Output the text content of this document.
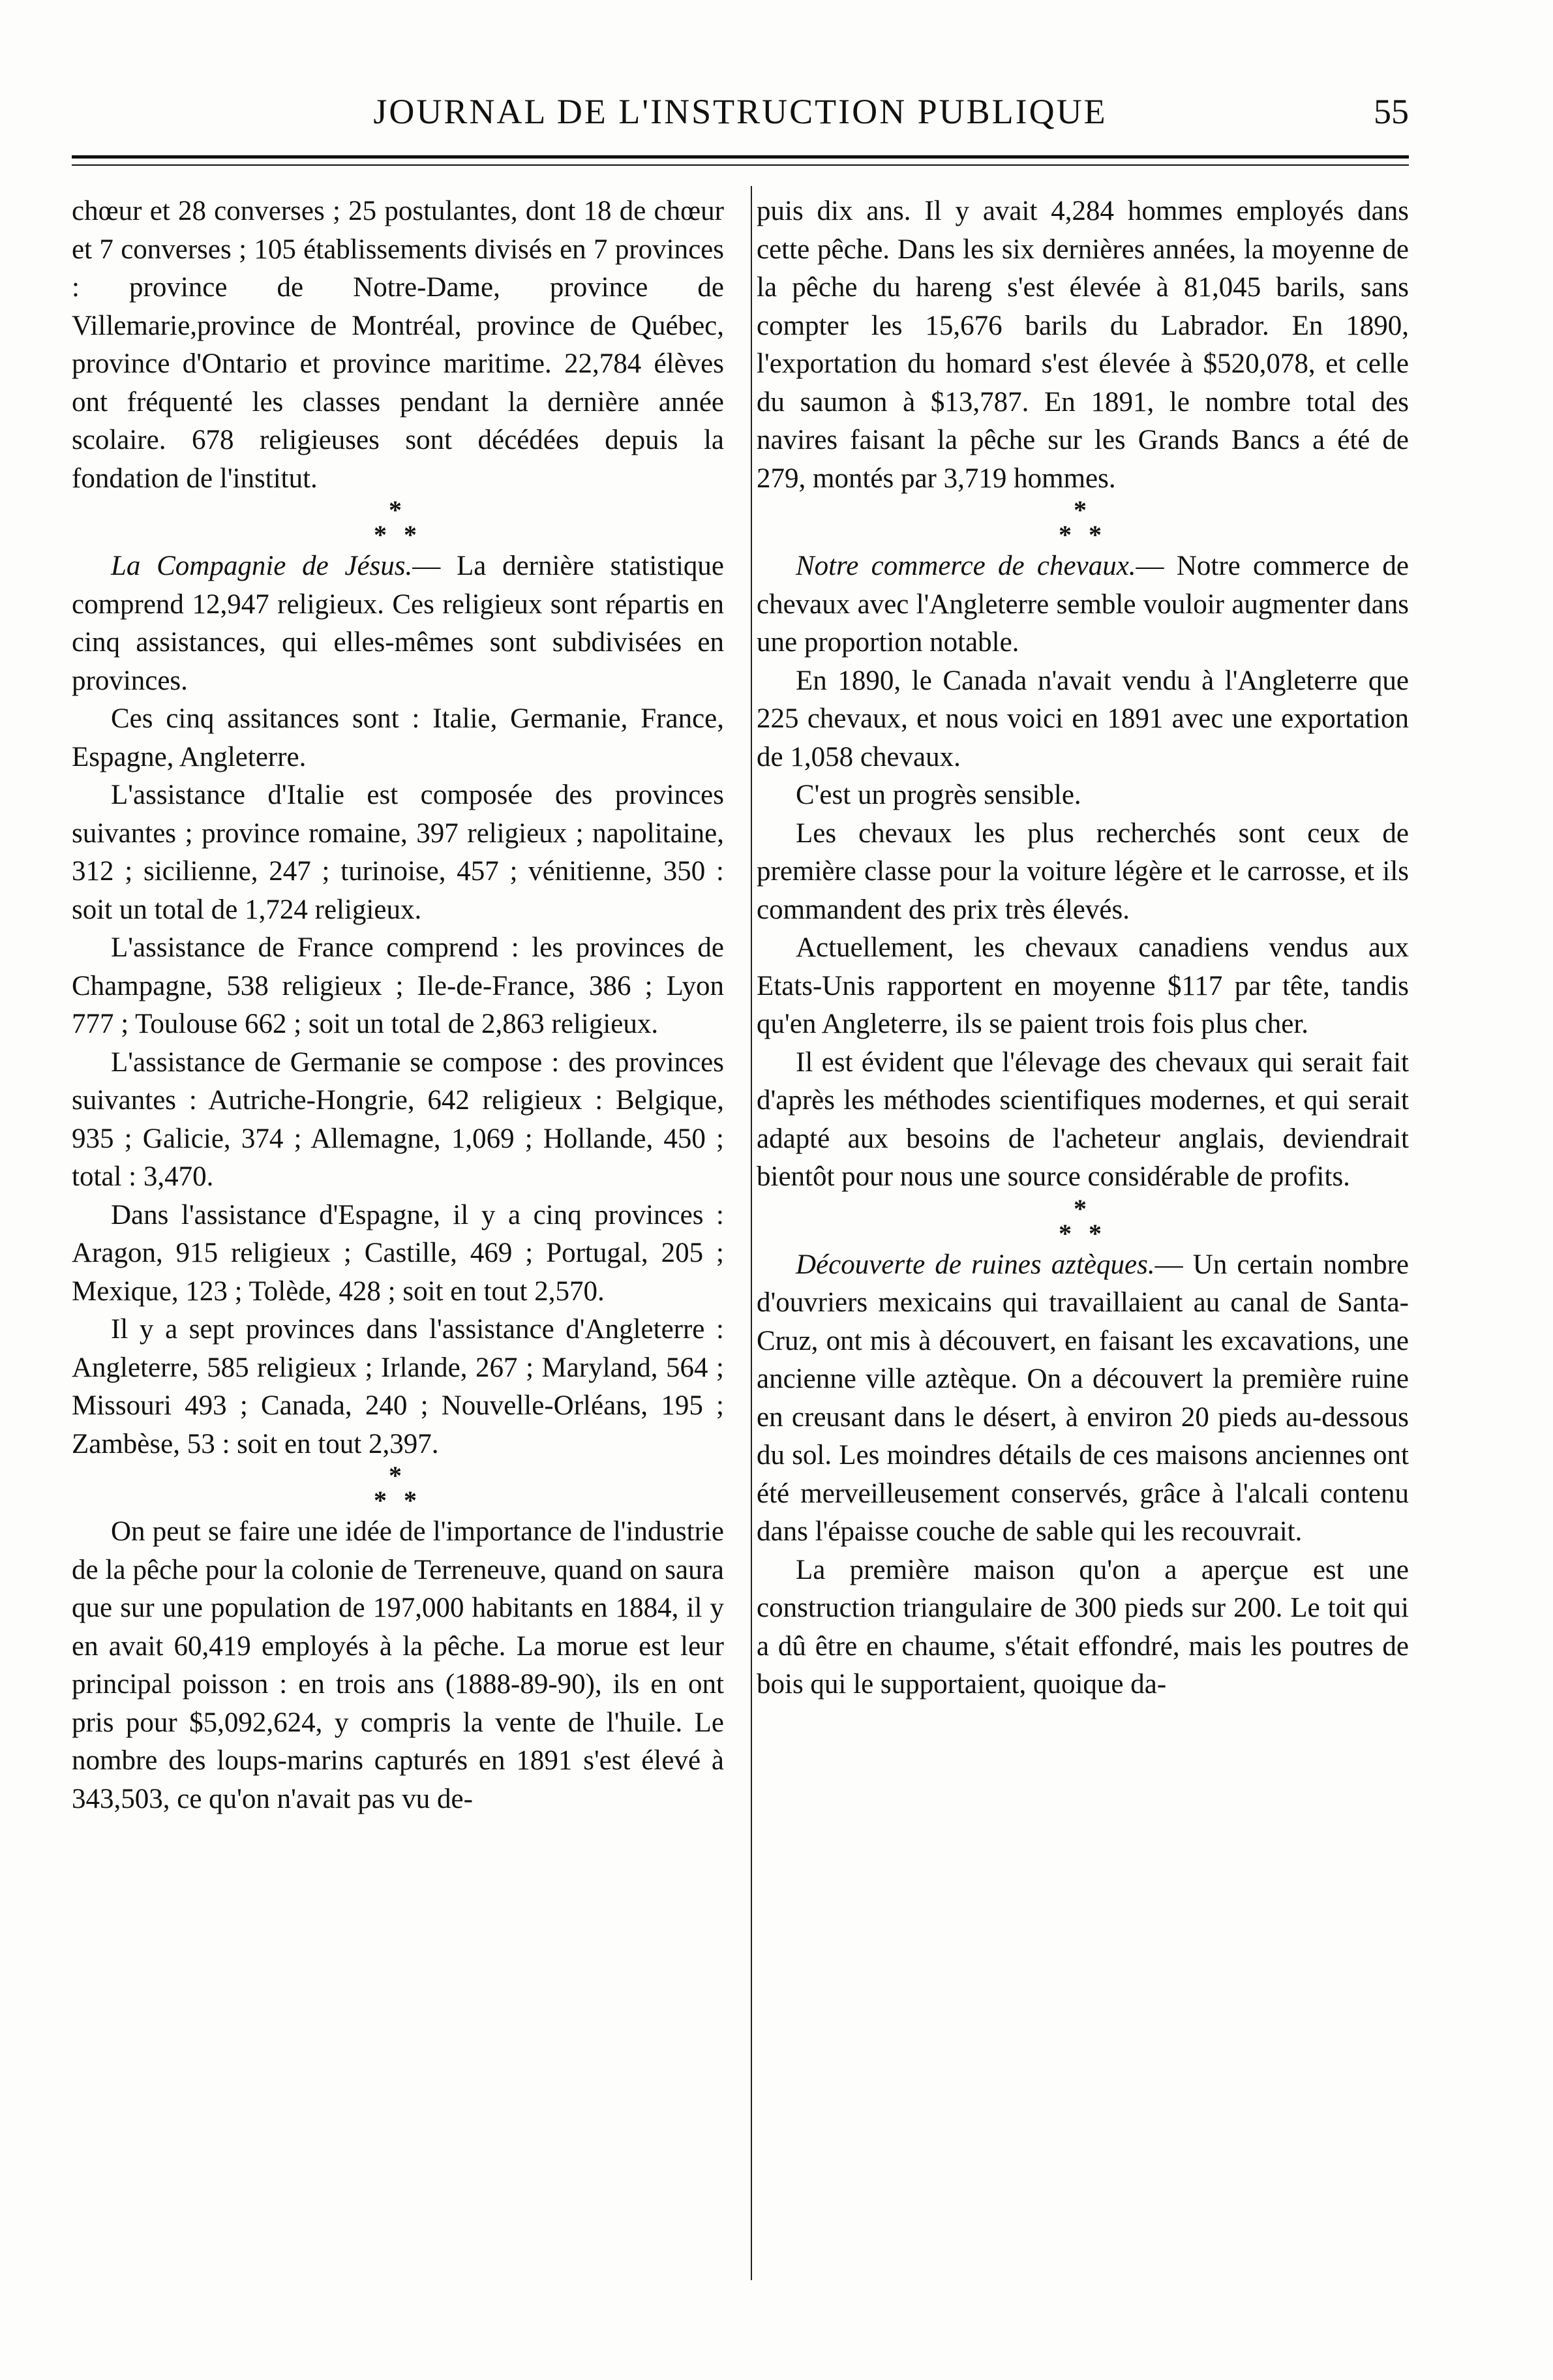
JOURNAL DE L'INSTRUCTION PUBLIQUE	55

chœur et 28 converses ; 25 postulantes, dont 18 de chœur et 7 converses ; 105 établissements divisés en 7 provinces : province de Notre-Dame, province de Villemarie,province de Montréal, province de Québec, province d'Ontario et province maritime. 22,784 élèves ont fréquenté les classes pendant la dernière année scolaire. 678 religieuses sont décédées depuis la fondation de l'institut.

*
* *

La Compagnie de Jésus.— La dernière statistique comprend 12,947 religieux. Ces religieux sont répartis en cinq assistances, qui elles-mêmes sont subdivisées en provinces.

Ces cinq assitances sont : Italie, Germanie, France, Espagne, Angleterre.

L'assistance d'Italie est composée des provinces suivantes ; province romaine, 397 religieux ; napolitaine, 312 ; sicilienne, 247 ; turinoise, 457 ; vénitienne, 350 : soit un total de 1,724 religieux.

L'assistance de France comprend : les provinces de Champagne, 538 religieux ; Ile-de-France, 386 ; Lyon 777 ; Toulouse 662 ; soit un total de 2,863 religieux.

L'assistance de Germanie se compose : des provinces suivantes : Autriche-Hongrie, 642 religieux : Belgique, 935 ; Galicie, 374 ; Allemagne, 1,069 ; Hollande, 450 ; total : 3,470.

Dans l'assistance d'Espagne, il y a cinq provinces : Aragon, 915 religieux ; Castille, 469 ; Portugal, 205 ; Mexique, 123 ; Tolède, 428 ; soit en tout 2,570.

Il y a sept provinces dans l'assistance d'Angleterre : Angleterre, 585 religieux ; Irlande, 267 ; Maryland, 564 ; Missouri 493 ; Canada, 240 ; Nouvelle-Orléans, 195 ; Zambèse, 53 : soit en tout 2,397.

*
* *

On peut se faire une idée de l'importance de l'industrie de la pêche pour la colonie de Terreneuve, quand on saura que sur une population de 197,000 habitants en 1884, il y en avait 60,419 employés à la pêche. La morue est leur principal poisson : en trois ans (1888-89-90), ils en ont pris pour $5,092,624, y compris la vente de l'huile. Le nombre des loups-marins capturés en 1891 s'est élevé à 343,503, ce qu'on n'avait pas vu de-

puis dix ans. Il y avait 4,284 hommes employés dans cette pêche. Dans les six dernières années, la moyenne de la pêche du hareng s'est élevée à 81,045 barils, sans compter les 15,676 barils du Labrador. En 1890, l'exportation du homard s'est élevée à $520,078, et celle du saumon à $13,787. En 1891, le nombre total des navires faisant la pêche sur les Grands Bancs a été de 279, montés par 3,719 hommes.

*
* *

Notre commerce de chevaux.— Notre commerce de chevaux avec l'Angleterre semble vouloir augmenter dans une proportion notable.

En 1890, le Canada n'avait vendu à l'Angleterre que 225 chevaux, et nous voici en 1891 avec une exportation de 1,058 chevaux.

C'est un progrès sensible.

Les chevaux les plus recherchés sont ceux de première classe pour la voiture légère et le carrosse, et ils commandent des prix très élevés.

Actuellement, les chevaux canadiens vendus aux Etats-Unis rapportent en moyenne $117 par tête, tandis qu'en Angleterre, ils se paient trois fois plus cher.

Il est évident que l'élevage des chevaux qui serait fait d'après les méthodes scientifiques modernes, et qui serait adapté aux besoins de l'acheteur anglais, deviendrait bientôt pour nous une source considérable de profits.

*
* *

Découverte de ruines aztèques.— Un certain nombre d'ouvriers mexicains qui travaillaient au canal de Santa-Cruz, ont mis à découvert, en faisant les excavations, une ancienne ville aztèque. On a découvert la première ruine en creusant dans le désert, à environ 20 pieds au-dessous du sol. Les moindres détails de ces maisons anciennes ont été merveilleusement conservés, grâce à l'alcali contenu dans l'épaisse couche de sable qui les recouvrait.

La première maison qu'on a aperçue est une construction triangulaire de 300 pieds sur 200. Le toit qui a dû être en chaume, s'était effondré, mais les poutres de bois qui le supportaient, quoique da-
